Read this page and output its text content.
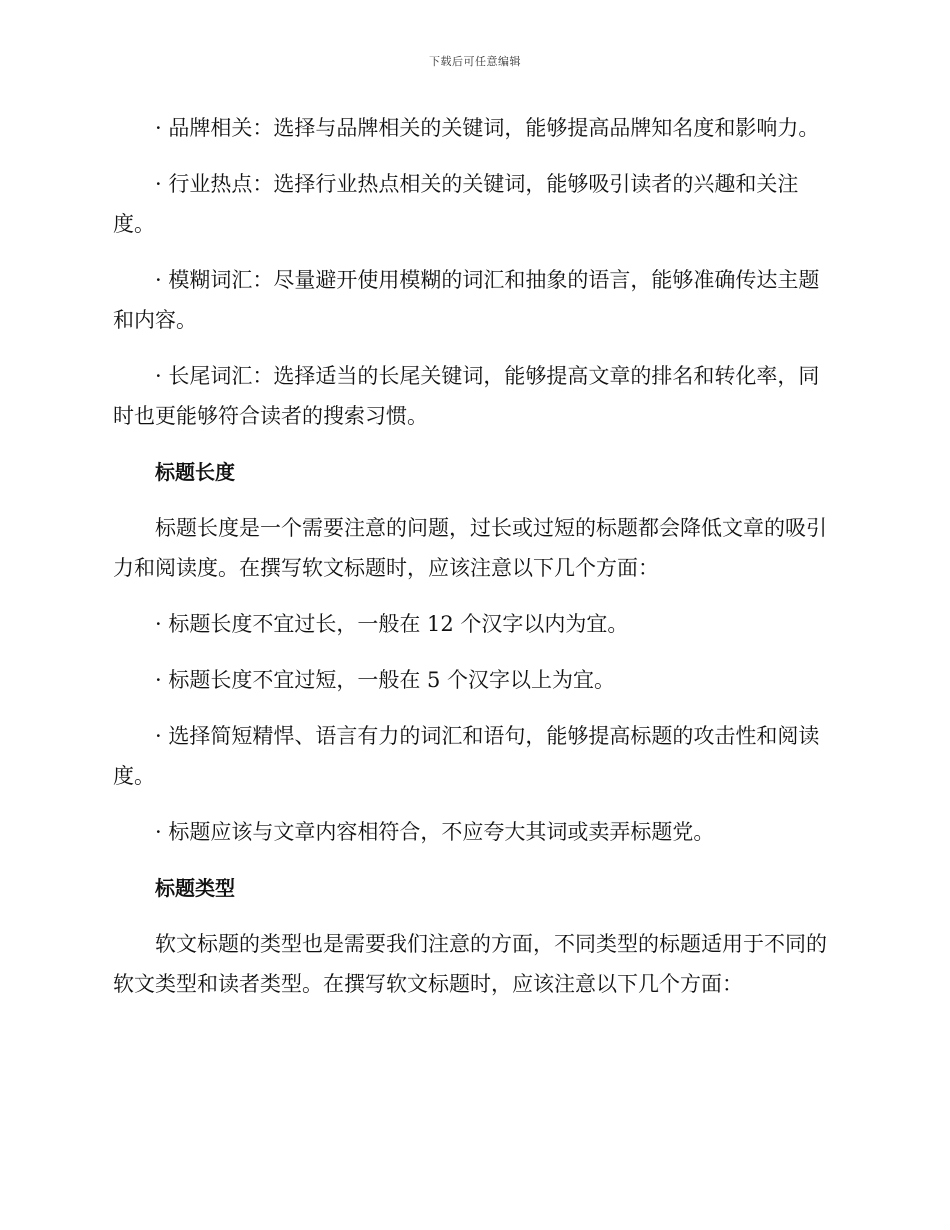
下载后可任意编辑

· 品牌相关：选择与品牌相关的关键词，能够提高品牌知名度和影响力。

· 行业热点：选择行业热点相关的关键词，能够吸引读者的兴趣和关注度。

· 模糊词汇：尽量避开使用模糊的词汇和抽象的语言，能够准确传达主题和内容。

· 长尾词汇：选择适当的长尾关键词，能够提高文章的排名和转化率，同时也更能够符合读者的搜索习惯。

标题长度

标题长度是一个需要注意的问题，过长或过短的标题都会降低文章的吸引力和阅读度。在撰写软文标题时，应该注意以下几个方面：

· 标题长度不宜过长，一般在 12 个汉字以内为宜。

· 标题长度不宜过短，一般在 5 个汉字以上为宜。

· 选择简短精悍、语言有力的词汇和语句，能够提高标题的攻击性和阅读度。

· 标题应该与文章内容相符合，不应夸大其词或卖弄标题党。

标题类型

软文标题的类型也是需要我们注意的方面，不同类型的标题适用于不同的软文类型和读者类型。在撰写软文标题时，应该注意以下几个方面：
